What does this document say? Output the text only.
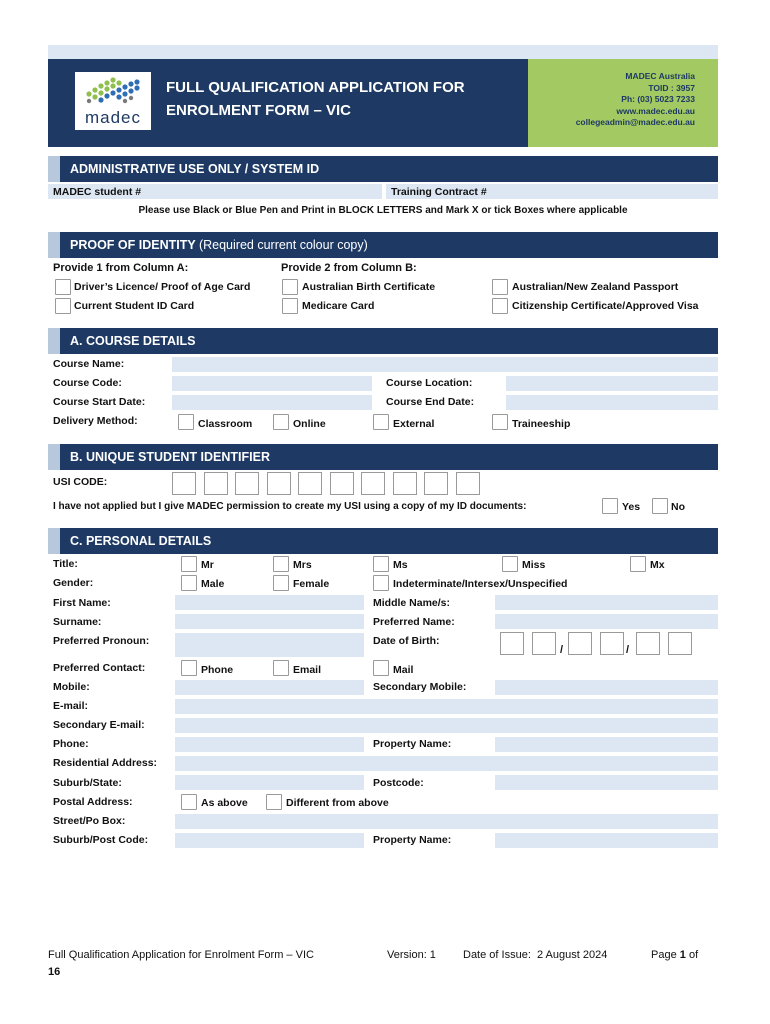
madec
FULL QUALIFICATION APPLICATION FOR
ENROLMENT FORM – VIC
MADEC Australia
TOID : 3957
Ph: (03) 5023 7233
www.madec.edu.au
collegeadmin@madec.edu.au
ADMINISTRATIVE USE ONLY / SYSTEM ID
MADEC student #	Training Contract #
Please use Black or Blue Pen and Print in BLOCK LETTERS and Mark X or tick Boxes where applicable
PROOF OF IDENTITY (Required current colour copy)
Provide 1 from Column A:	Provide 2 from Column B:
Driver’s Licence/ Proof of Age Card	Australian Birth Certificate	Australian/New Zealand Passport
Current Student ID Card	Medicare Card	Citizenship Certificate/Approved Visa
A. COURSE DETAILS
Course Name:
Course Code:	Course Location:
Course Start Date:	Course End Date:
Delivery Method:	Classroom	Online	External	Traineeship
B. UNIQUE STUDENT IDENTIFIER
USI CODE:
I have not applied but I give MADEC permission to create my USI using a copy of my ID documents:	Yes	No
C. PERSONAL DETAILS
Title:	Mr	Mrs	Ms	Miss	Mx
Gender:	Male	Female	Indeterminate/Intersex/Unspecified
First Name:	Middle Name/s:
Surname:	Preferred Name:
Preferred Pronoun:	Date of Birth:
/	/
Preferred Contact:	Phone	Email	Mail
Mobile:	Secondary Mobile:
E-mail:
Secondary E-mail:
Phone:	Property Name:
Residential Address:
Suburb/State:	Postcode:
Postal Address:	As above	Different from above
Street/Po Box:
Suburb/Post Code:	Property Name:
Full Qualification Application for Enrolment Form – VIC	Version: 1 Date of Issue:  2 August 2024	Page 1 of
16
